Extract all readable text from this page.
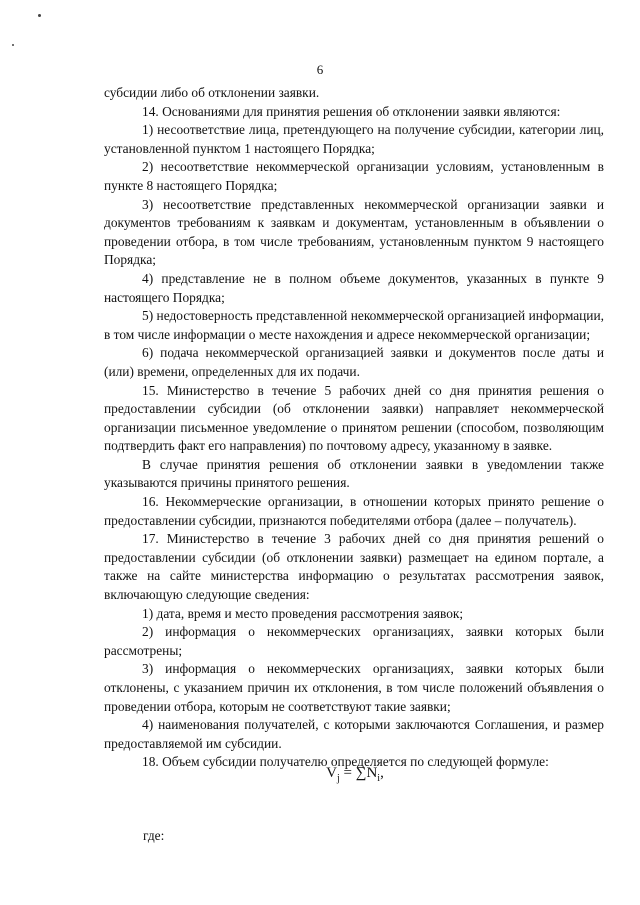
6

субсидии либо об отклонении заявки.

14. Основаниями для принятия решения об отклонении заявки являются:

1) несоответствие лица, претендующего на получение субсидии, категории лиц, установленной пунктом 1 настоящего Порядка;

2) несоответствие некоммерческой организации условиям, установленным в пункте 8 настоящего Порядка;

3) несоответствие представленных некоммерческой организации заявки и документов требованиям к заявкам и документам, установленным в объявлении о проведении отбора, в том числе требованиям, установленным пунктом 9 настоящего Порядка;

4) представление не в полном объеме документов, указанных в пункте 9 настоящего Порядка;

5) недостоверность представленной некоммерческой организацией информации, в том числе информации о месте нахождения и адресе некоммерческой организации;

6) подача некоммерческой организацией заявки и документов после даты и (или) времени, определенных для их подачи.

15. Министерство в течение 5 рабочих дней со дня принятия решения о предоставлении субсидии (об отклонении заявки) направляет некоммерческой организации письменное уведомление о принятом решении (способом, позволяющим подтвердить факт его направления) по почтовому адресу, указанному в заявке.

В случае принятия решения об отклонении заявки в уведомлении также указываются причины принятого решения.

16. Некоммерческие организации, в отношении которых принято решение о предоставлении субсидии, признаются победителями отбора (далее – получатель).

17. Министерство в течение 3 рабочих дней со дня принятия решений о предоставлении субсидии (об отклонении заявки) размещает на едином портале, а также на сайте министерства информацию о результатах рассмотрения заявок, включающую следующие сведения:

1) дата, время и место проведения рассмотрения заявок;

2) информация о некоммерческих организациях, заявки которых были рассмотрены;

3) информация о некоммерческих организациях, заявки которых были отклонены, с указанием причин их отклонения, в том числе положений объявления о проведении отбора, которым не соответствуют такие заявки;

4) наименования получателей, с которыми заключаются Соглашения, и размер предоставляемой им субсидии.

18. Объем субсидии получателю определяется по следующей формуле:

$V_j = \sum N_i$,
где:
